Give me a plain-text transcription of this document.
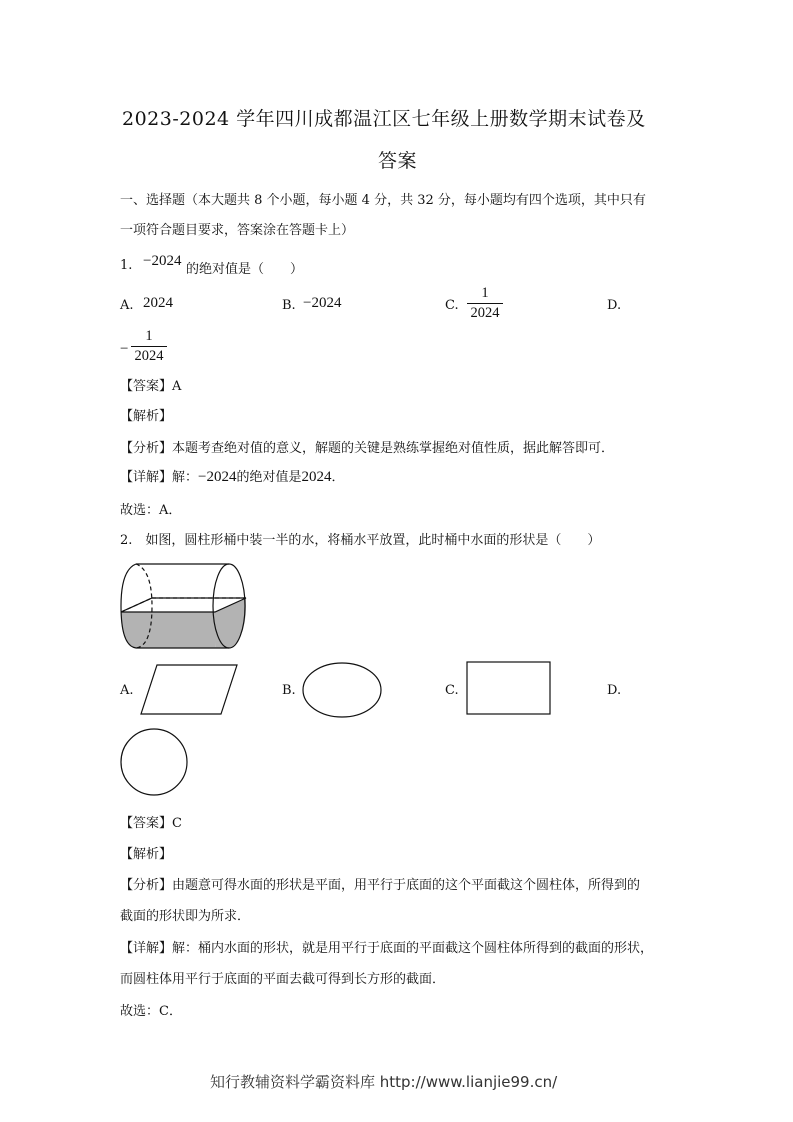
2023-2024 学年四川成都温江区七年级上册数学期末试卷及
答案
一、选择题（本大题共 8 个小题，每小题 4 分，共 32 分，每小题均有四个选项，其中只有
一项符合题目要求，答案涂在答题卡上）
1. −2024
的绝对值是（　　）
A. 2024	B. −2024	C.
1
2024	D.
−
1
2024
【答案】A
【解析】
【分析】本题考查绝对值的意义，解题的关键是熟练掌握绝对值性质，据此解答即可．
【详解】解：−2024的绝对值是2024．
故选：A．
2.　如图，圆柱形桶中装一半的水，将桶水平放置，此时桶中水面的形状是（　　）
A.	B.	C.	D.
【答案】C
【解析】
【分析】由题意可得水面的形状是平面，用平行于底面的这个平面截这个圆柱体，所得到的
截面的形状即为所求．
【详解】解：桶内水面的形状，就是用平行于底面的平面截这个圆柱体所得到的截面的形状，
而圆柱体用平行于底面的平面去截可得到长方形的截面．
故选：C．
知行教辅资料学霸资料库 http://www.lianjie99.cn/
